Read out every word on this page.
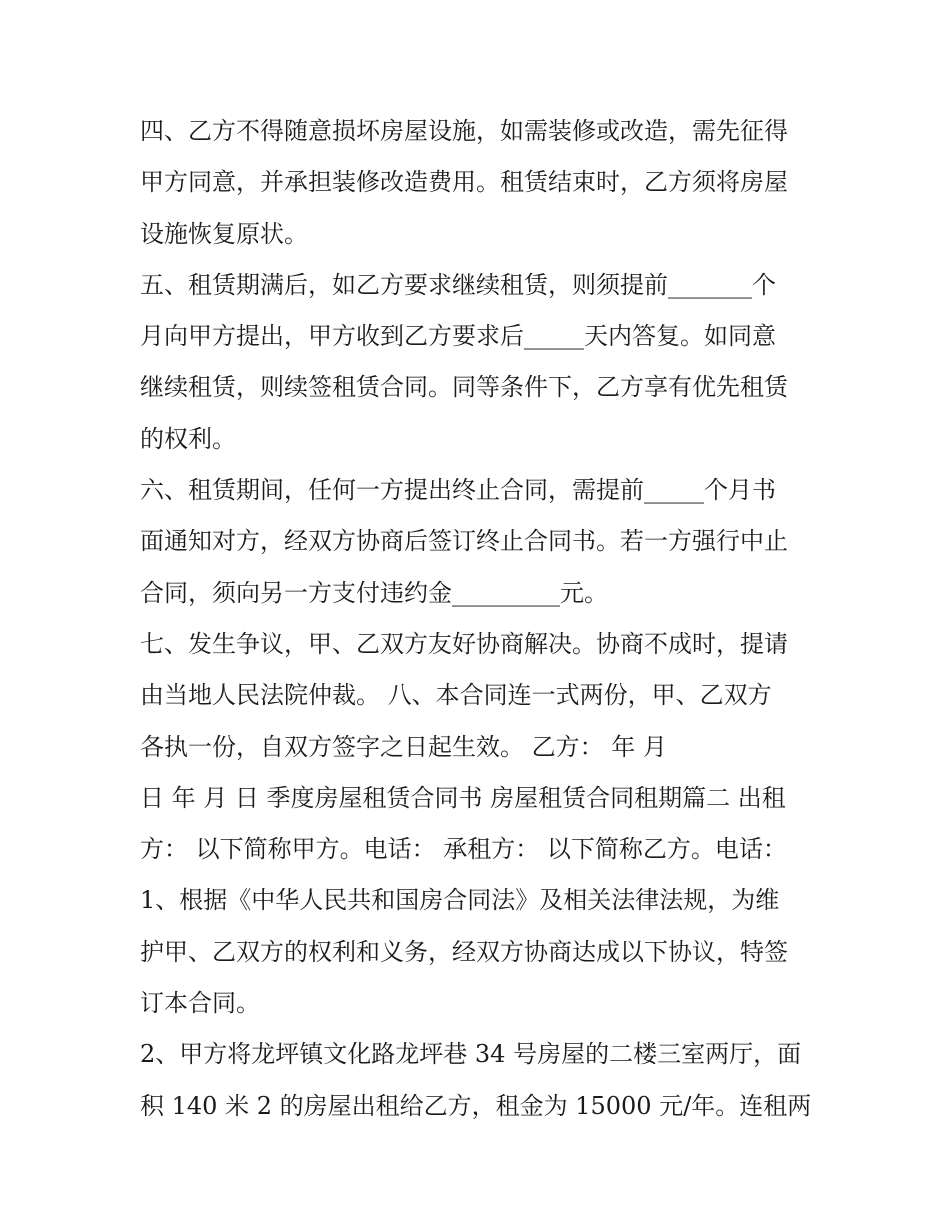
四、乙方不得随意损坏房屋设施，如需装修或改造，需先征得
甲方同意，并承担装修改造费用。租赁结束时，乙方须将房屋
设施恢复原状。
五、租赁期满后，如乙方要求继续租赁，则须提前_______个
月向甲方提出，甲方收到乙方要求后_____天内答复。如同意
继续租赁，则续签租赁合同。同等条件下，乙方享有优先租赁
的权利。
六、租赁期间，任何一方提出终止合同，需提前_____个月书
面通知对方，经双方协商后签订终止合同书。若一方强行中止
合同，须向另一方支付违约金_________元。
七、发生争议，甲、乙双方友好协商解决。协商不成时，提请
由当地人民法院仲裁。 八、本合同连一式两份，甲、乙双方
各执一份，自双方签字之日起生效。 乙方： 年 月
日 年 月 日 季度房屋租赁合同书 房屋租赁合同租期篇二 出租
方： 以下简称甲方。电话： 承租方： 以下简称乙方。电话：
1、根据《中华人民共和国房合同法》及相关法律法规，为维
护甲、乙双方的权利和义务，经双方协商达成以下协议，特签
订本合同。
2、甲方将龙坪镇文化路龙坪巷 34 号房屋的二楼三室两厅，面
积 140 米 2 的房屋出租给乙方，租金为 15000 元/年。连租两
